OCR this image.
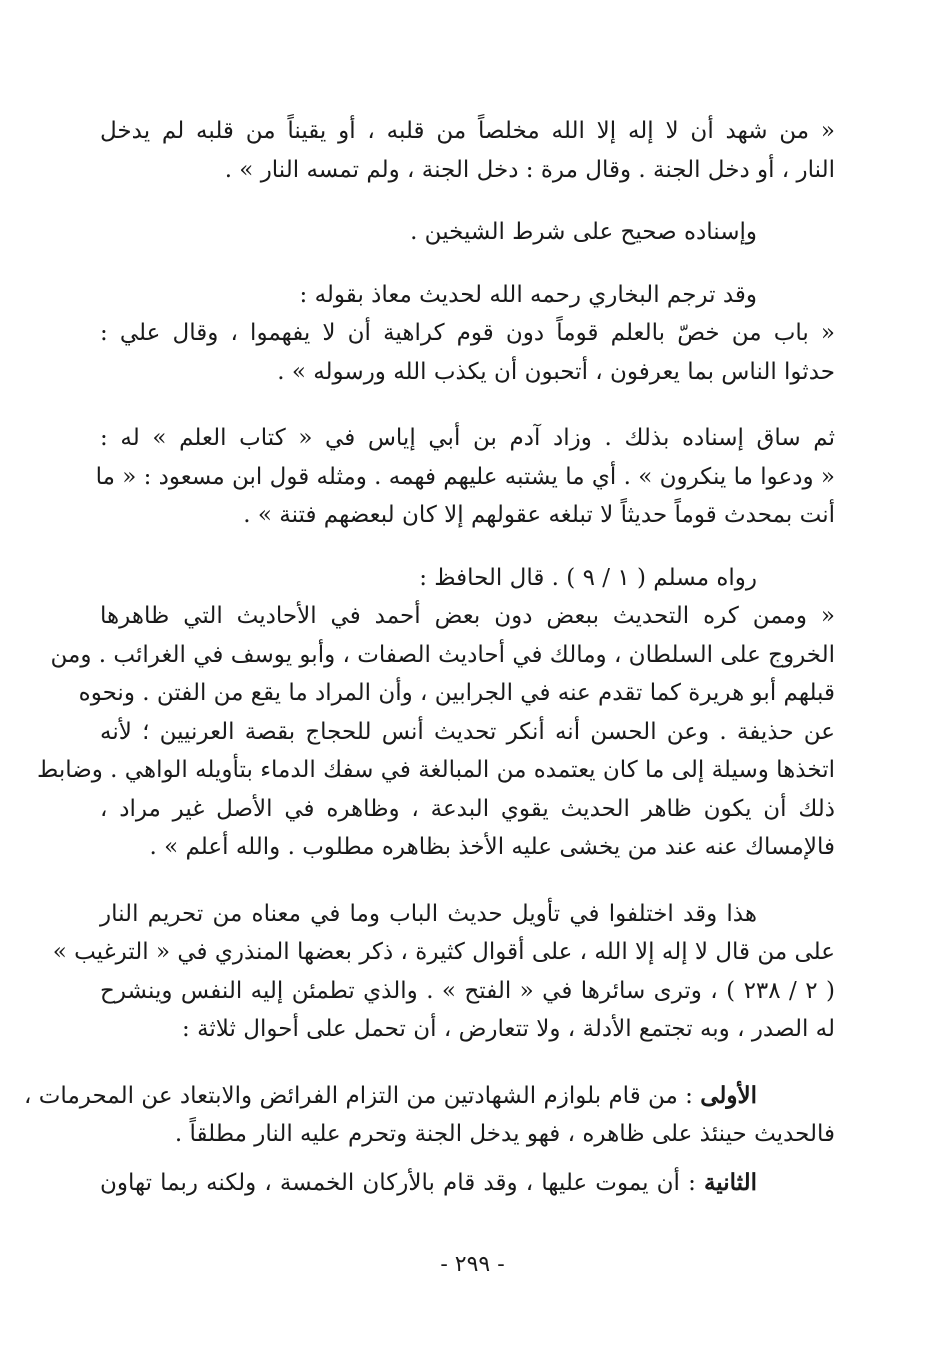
« من شهد أن لا إله إلا الله مخلصاً من قلبه ، أو يقيناً من قلبه لم يدخل
النار ، أو دخل الجنة . وقال مرة : دخل الجنة ، ولم تمسه النار » .

وإسناده صحيح على شرط الشيخين .

وقد ترجم البخاري رحمه الله لحديث معاذ بقوله :

« باب من خصّ بالعلم قوماً دون قوم كراهية أن لا يفهموا ، وقال علي :
حدثوا الناس بما يعرفون ، أتحبون أن يكذب الله ورسوله » .

ثم ساق إسناده بذلك . وزاد آدم بن أبي إياس في « كتاب العلم » له :
« ودعوا ما ينكرون » . أي ما يشتبه عليهم فهمه . ومثله قول ابن مسعود : « ما
أنت بمحدث قوماً حديثاً لا تبلغه عقولهم إلا كان لبعضهم فتنة » .

رواه مسلم ( ١ / ٩ ) . قال الحافظ :

« وممن كره التحديث ببعض دون بعض أحمد في الأحاديث التي ظاهرها
الخروج على السلطان ، ومالك في أحاديث الصفات ، وأبو يوسف في الغرائب . ومن
قبلهم أبو هريرة كما تقدم عنه في الجرابين ، وأن المراد ما يقع من الفتن . ونحوه
عن حذيفة . وعن الحسن أنه أنكر تحديث أنس للحجاج بقصة العرنيين ؛ لأنه
اتخذها وسيلة إلى ما كان يعتمده من المبالغة في سفك الدماء بتأويله الواهي . وضابط
ذلك أن يكون ظاهر الحديث يقوي البدعة ، وظاهره في الأصل غير مراد ،
فالإمساك عنه عند من يخشى عليه الأخذ بظاهره مطلوب . والله أعلم » .

هذا وقد اختلفوا في تأويل حديث الباب وما في معناه من تحريم النار
على من قال لا إله إلا الله ، على أقوال كثيرة ، ذكر بعضها المنذري في « الترغيب »
( ٢ / ٢٣٨ ) ، وترى سائرها في « الفتح » . والذي تطمئن إليه النفس وينشرح
له الصدر ، وبه تجتمع الأدلة ، ولا تتعارض ، أن تحمل على أحوال ثلاثة :

الأولى : من قام بلوازم الشهادتين من التزام الفرائض والابتعاد عن المحرمات ،
فالحديث حينئذ على ظاهره ، فهو يدخل الجنة وتحرم عليه النار مطلقاً .

الثانية : أن يموت عليها ، وقد قام بالأركان الخمسة ، ولكنه ربما تهاون

- ٢٩٩ -
